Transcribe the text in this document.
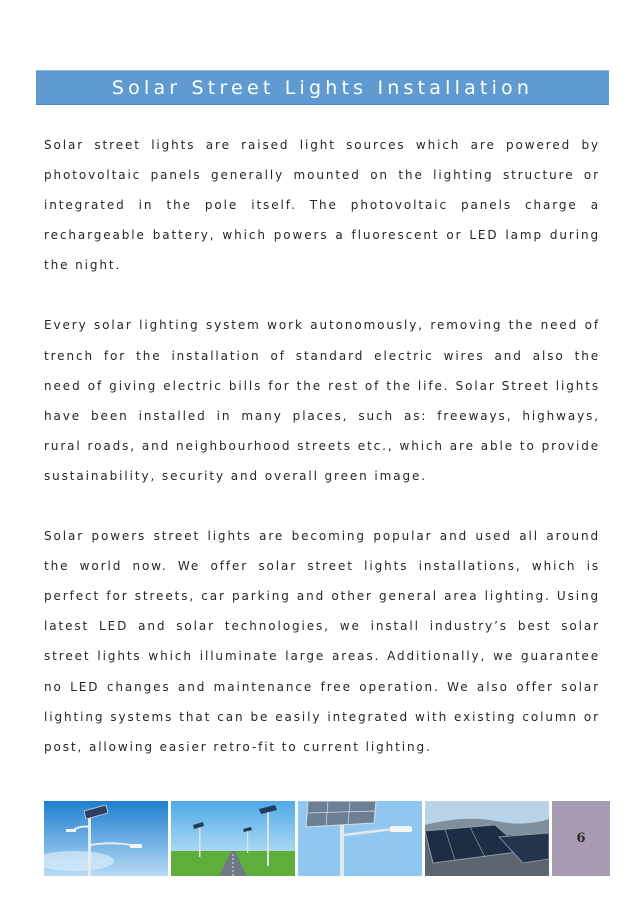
Solar Street Lights Installation

Solar street lights are raised light sources which are powered by photovoltaic panels generally mounted on the lighting structure or integrated in the pole itself. The photovoltaic panels charge a rechargeable battery, which powers a fluorescent or LED lamp during the night.

Every solar lighting system work autonomously, removing the need of trench for the installation of standard electric wires and also the need of giving electric bills for the rest of the life. Solar Street lights have been installed in many places, such as: freeways, highways, rural roads, and neighbourhood streets etc., which are able to provide sustainability, security and overall green image.

Solar powers street lights are becoming popular and used all around the world now. We offer solar street lights installations, which is perfect for streets, car parking and other general area lighting. Using latest LED and solar technologies, we install industry’s best solar street lights which illuminate large areas. Additionally, we guarantee no LED changes and maintenance free operation. We also offer solar lighting systems that can be easily integrated with existing column or post, allowing easier retro-fit to current lighting.

6
